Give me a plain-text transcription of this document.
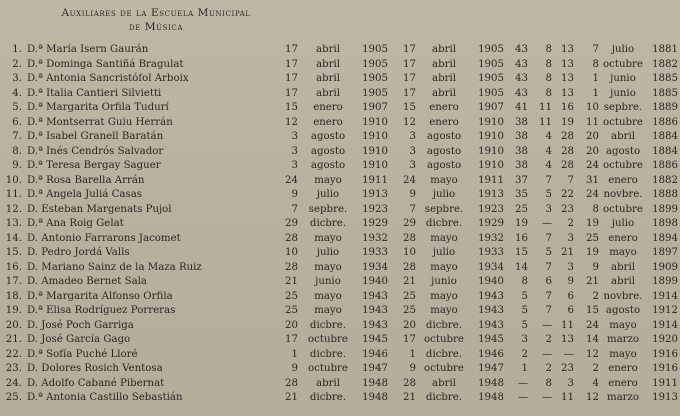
Auxiliares de la Escuela Municipal
de Música
1. D.ª María Isern Gaurán	17	abril	1905	17	abril	1905	43	8 13	7	julio	1881
2. D.ª Dominga Santiñá Bragulat	17	abril	1905	17	abril	1905	43	8 13	8 octubre 1882
3. D.ª Antonia Sancristófol Arboix	17	abril	1905	17	abril	1905	43	8 13	1	junio	1885
4. D.ª Italia Cantieri Silvietti	17	abril	1905	17	abril	1905	43	8 13	1	junio	1885
5. D.ª Margarita Orfila Tudurí	15	enero	1907	15	enero	1907	41	11 16	10 sepbre. 1889
6. D.ª Montserrat Guiu Herrán	12	enero	1910	12	enero	1910	38	11 19	11 octubre 1886
7. D.ª Isabel Granell Baratán	3	agosto	1910	3	agosto	1910	38	4 28	20	abril	1884
8. D.ª Inés Cendrós Salvador	3	agosto	1910	3	agosto	1910	38	4 28	20 agosto	1884
9. D.ª Teresa Bergay Saguer	3	agosto	1910	3	agosto	1910	38	4 28	24 octubre 1886
10. D.ª Rosa Barella Arrán	24	mayo	1911	24	mayo	1911	37	7	7	31 enero	1882
11. D.ª Angela Juliá Casas	9	julio	1913	9	julio	1913	35	5 22	24 novbre. 1888
12. D. Esteban Margenats Pujol	7	sepbre.	1923	7 sepbre.	1923	25	3 23	8 octubre 1899
13. D.ª Ana Roig Gelat	29	dicbre.	1929	29 dicbre.	1929	19	—	2	19	julio	1898
14. D. Antonio Farrarons Jacomet	28	mayo	1932	28	mayo	1932	16	7	3	25 enero	1894
15. D. Pedro Jordá Valls	10	julio	1933	10	julio	1933	15	5 21	19 mayo	1897
16. D. Mariano Sainz de la Maza Ruiz	28	mayo	1934	28	mayo	1934	14	7	3	9	abril	1909
17. D. Amadeo Bernet Sala	21	junio	1940	21	junio	1940	8	6	9	21	abril	1899
18. D.ª Margarita Alfonso Orfila	25	mayo	1943	25	mayo	1943	5	7	6	2 novbre. 1914
19. D.ª Elisa Rodríguez Porreras	25	mayo	1943	25	mayo	1943	5	7	6	15 agosto	1912
20. D. José Poch Garriga	20	dicbre.	1943	20 dicbre.	1943	5	— 11	24 mayo	1914
21. D. José García Gago	17 octubre	1945	17 octubre	1945	3	2 13	14 marzo	1920
22. D.ª Sofía Puché Lloré	1	dicbre.	1946	1 dicbre.	1946	2	—	—	12 mayo	1916
23. D. Dolores Rosich Ventosa	9 octubre	1947	9 octubre	1947	1	2 23	2 enero	1916
24. D. Adolfo Cabané Pibernat	28	abril	1948	28	abril	1948	—	8	3	4 enero	1911
25. D.ª Antonia Castillo Sebastián	21	dicbre.	1948	21 dicbre.	1948	—	— 11	12 marzo	1913
